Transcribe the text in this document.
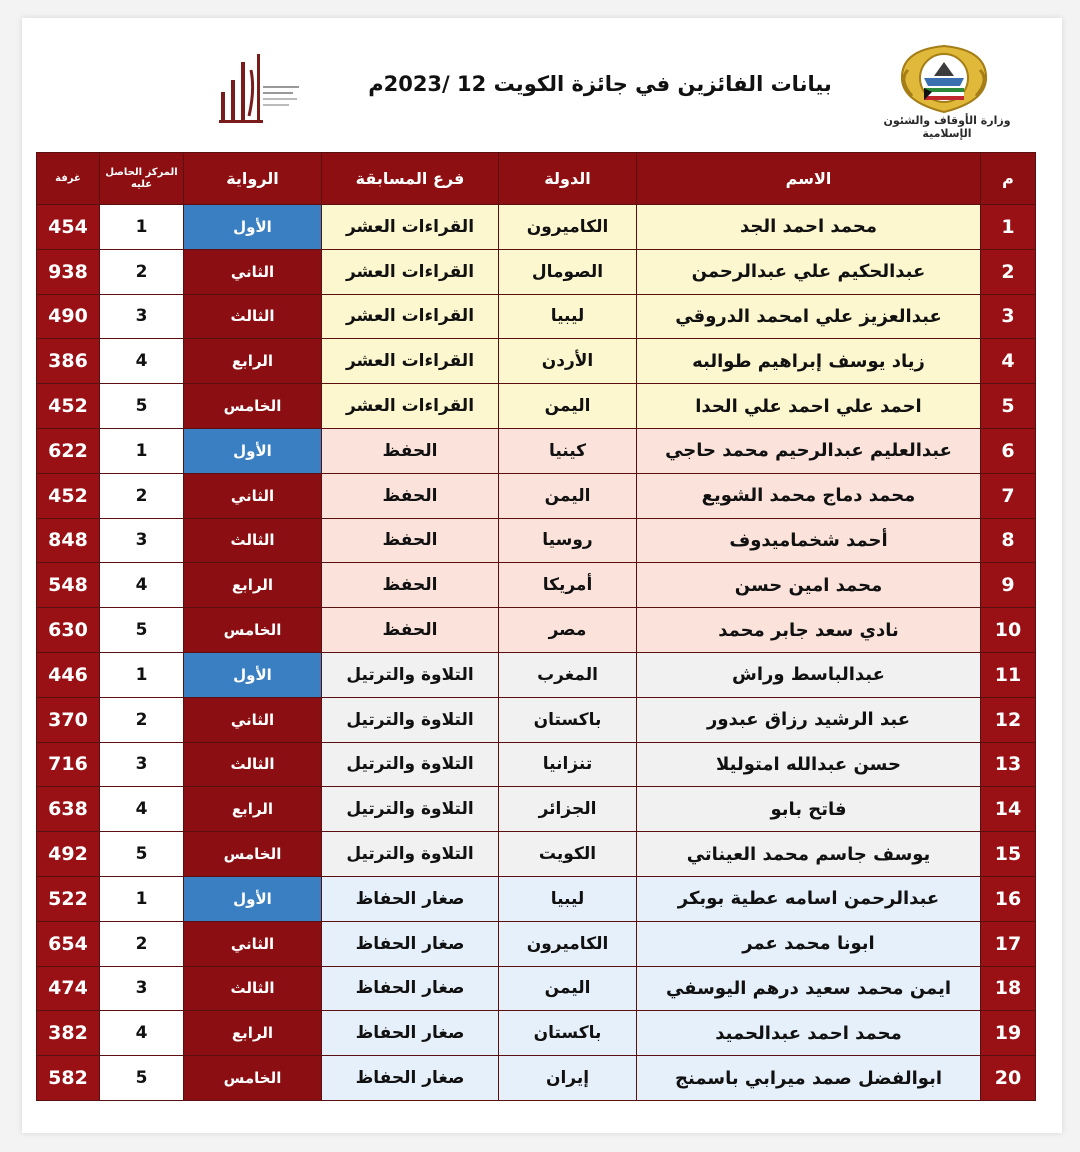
بيانات الفائزين في جائزة الكويت 12 /2023م
وزارة الأوقاف والشئون الإسلامية
م	الاسم	الدولة	فرع المسابقة	الرواية	المركز الحاصل عليه	غرفة
1	محمد احمد الجد	الكاميرون	القراءات العشر	الأول	1	454
2	عبدالحكيم علي عبدالرحمن	الصومال	القراءات العشر	الثاني	2	938
3	عبدالعزيز علي امحمد الدروقي	ليبيا	القراءات العشر	الثالث	3	490
4	زياد يوسف إبراهيم طوالبه	الأردن	القراءات العشر	الرابع	4	386
5	احمد علي احمد علي الحدا	اليمن	القراءات العشر	الخامس	5	452
6	عبدالعليم عبدالرحيم محمد حاجي	كينيا	الحفظ	الأول	1	622
7	محمد دماج محمد الشويع	اليمن	الحفظ	الثاني	2	452
8	أحمد شخماميدوف	روسيا	الحفظ	الثالث	3	848
9	محمد امين حسن	أمريكا	الحفظ	الرابع	4	548
10	نادي سعد جابر محمد	مصر	الحفظ	الخامس	5	630
11	عبدالباسط وراش	المغرب	التلاوة والترتيل	الأول	1	446
12	عبد الرشيد رزاق عبدور	باكستان	التلاوة والترتيل	الثاني	2	370
13	حسن عبدالله امتوليلا	تنزانيا	التلاوة والترتيل	الثالث	3	716
14	فاتح بابو	الجزائر	التلاوة والترتيل	الرابع	4	638
15	يوسف جاسم محمد العيناتي	الكويت	التلاوة والترتيل	الخامس	5	492
16	عبدالرحمن اسامه عطية بوبكر	ليبيا	صغار الحفاظ	الأول	1	522
17	ابونا محمد عمر	الكاميرون	صغار الحفاظ	الثاني	2	654
18	ايمن محمد سعيد درهم اليوسفي	اليمن	صغار الحفاظ	الثالث	3	474
19	محمد احمد عبدالحميد	باكستان	صغار الحفاظ	الرابع	4	382
20	ابوالفضل صمد ميرابي باسمنج	إيران	صغار الحفاظ	الخامس	5	582
